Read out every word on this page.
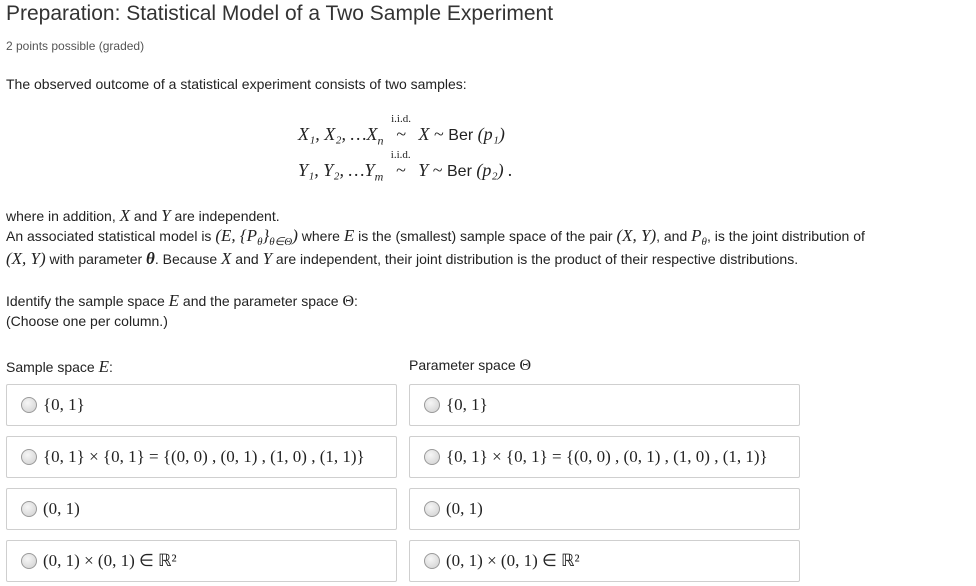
Preparation: Statistical Model of a Two Sample Experiment
2 points possible (graded)
The observed outcome of a statistical experiment consists of two samples:
X₁, X₂, $\dots X_n$
i.i.d.
~ X ~ Ber (p₁)
Y₁, Y₂, $\dots Y_m$
i.i.d.
~ Y ~ Ber (p₂) .
where in addition, X and Y are independent.
An associated statistical model is (E, $\{P_\theta\}_{\theta\in\Theta}$) where E is the (smallest) sample space of the pair (X, Y), and $P_\theta$, is the joint distribution of
(X, Y) with parameter θ. Because X and Y are independent, their joint distribution is the product of their respective distributions.
Identify the sample space E and the parameter space Θ:
(Choose one per column.)
Sample space E:	Parameter space Θ
{0, 1}
{0, 1} × {0, 1} = {(0, 0) , (0, 1) , (1, 0) , (1, 1)}
(0, 1)
(0, 1) × (0, 1) ∈ ℝ²
{0, 1}
{0, 1} × {0, 1} = {(0, 0) , (0, 1) , (1, 0) , (1, 1)}
(0, 1)
(0, 1) × (0, 1) ∈ ℝ²
